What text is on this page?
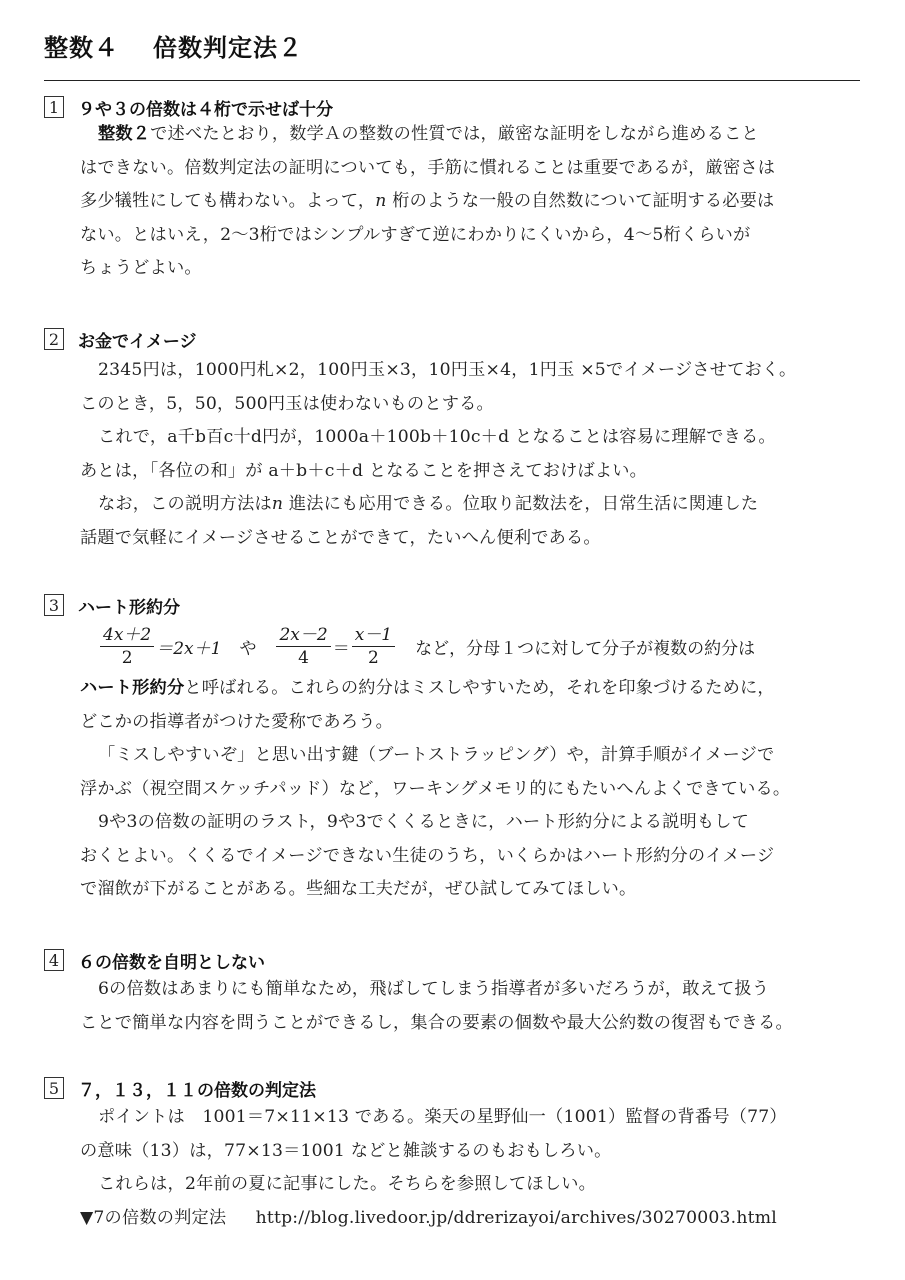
整数４ 倍数判定法２
1 ９や３の倍数は４桁で示せば十分
整数２で述べたとおり，数学Ａの整数の性質では，厳密な証明をしながら進めること
はできない。倍数判定法の証明についても，手筋に慣れることは重要であるが，厳密さは
多少犠牲にしても構わない。よって，n 桁のような一般の自然数について証明する必要は
ない。とはいえ，2～3桁ではシンプルすぎて逆にわかりにくいから，4～5桁くらいが
ちょうどよい。
2 お金でイメージ
2345円は，1000円札×2，100円玉×3，10円玉×4，1円玉 ×5でイメージさせておく。
このとき，5，50，500円玉は使わないものとする。
これで，a千b百c十d円が，1000a＋100b＋10c＋d となることは容易に理解できる。
あとは，「各位の和」が a＋b＋c＋d となることを押さえておけばよい。
なお，この説明方法はn 進法にも応用できる。位取り記数法を，日常生活に関連した
話題で気軽にイメージさせることができて，たいへん便利である。
3 ハート形約分
$\frac{4x+2}{2} =2x+1$ や $\frac{2x-2}{4} = \frac{x-1}{2}$ など，分母１つに対して分子が複数の約分は
ハート形約分と呼ばれる。これらの約分はミスしやすいため，それを印象づけるために，
どこかの指導者がつけた愛称であろう。
「ミスしやすいぞ」と思い出す鍵（ブートストラッピング）や，計算手順がイメージで
浮かぶ（視空間スケッチパッド）など，ワーキングメモリ的にもたいへんよくできている。
9や3の倍数の証明のラスト，9や3でくくるときに，ハート形約分による説明もして
おくとよい。くくるでイメージできない生徒のうち，いくらかはハート形約分のイメージ
で溜飲が下がることがある。些細な工夫だが，ぜひ試してみてほしい。
4 ６の倍数を自明としない
6の倍数はあまりにも簡単なため，飛ばしてしまう指導者が多いだろうが，敢えて扱う
ことで簡単な内容を問うことができるし，集合の要素の個数や最大公約数の復習もできる。
5 ７，１３，１１の倍数の判定法
ポイントは　1001＝7×11×13 である。楽天の星野仙一（1001）監督の背番号（77）
の意味（13）は，77×13＝1001 などと雑談するのもおもしろい。
これらは，2年前の夏に記事にした。そちらを参照してほしい。
▼7の倍数の判定法 http://blog.livedoor.jp/ddrerizayoi/archives/30270003.html
